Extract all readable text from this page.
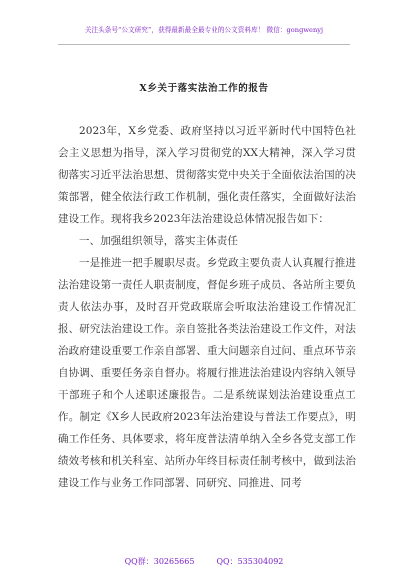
关注头条号“公文研究”，获得最新最全最专业的公文资料库！ 微信：gongwenyj
X乡关于落实法治工作的报告

2023年，X乡党委、政府坚持以习近平新时代中国特色社会主义思想为指导，深入学习贯彻党的XX大精神，深入学习贯彻落实习近平法治思想、贯彻落实党中央关于全面依法治国的决策部署，健全依法行政工作机制，强化责任落实，全面做好法治建设工作。现将我乡2023年法治建设总体情况报告如下：

一、加强组织领导，落实主体责任

一是推进一把手履职尽责。乡党政主要负责人认真履行推进法治建设第一责任人职责制度，督促乡班子成员、各站所主要负责人依法办事，及时召开党政联席会听取法治建设工作情况汇报、研究法治建设工作。亲自签批各类法治建设工作文件，对法治政府建设重要工作亲自部署、重大问题亲自过问、重点环节亲自协调、重要任务亲自督办。将履行推进法治建设内容纳入领导干部班子和个人述职述廉报告。二是系统谋划法治建设重点工作。制定《X乡人民政府2023年法治建设与普法工作要点》，明确工作任务、具体要求，将年度普法清单纳入全乡各党支部工作绩效考核和机关科室、站所办年终目标责任制考核中，做到法治建设工作与业务工作同部署、同研究、同推进、同考

QQ群：30265665	QQ：535304092
